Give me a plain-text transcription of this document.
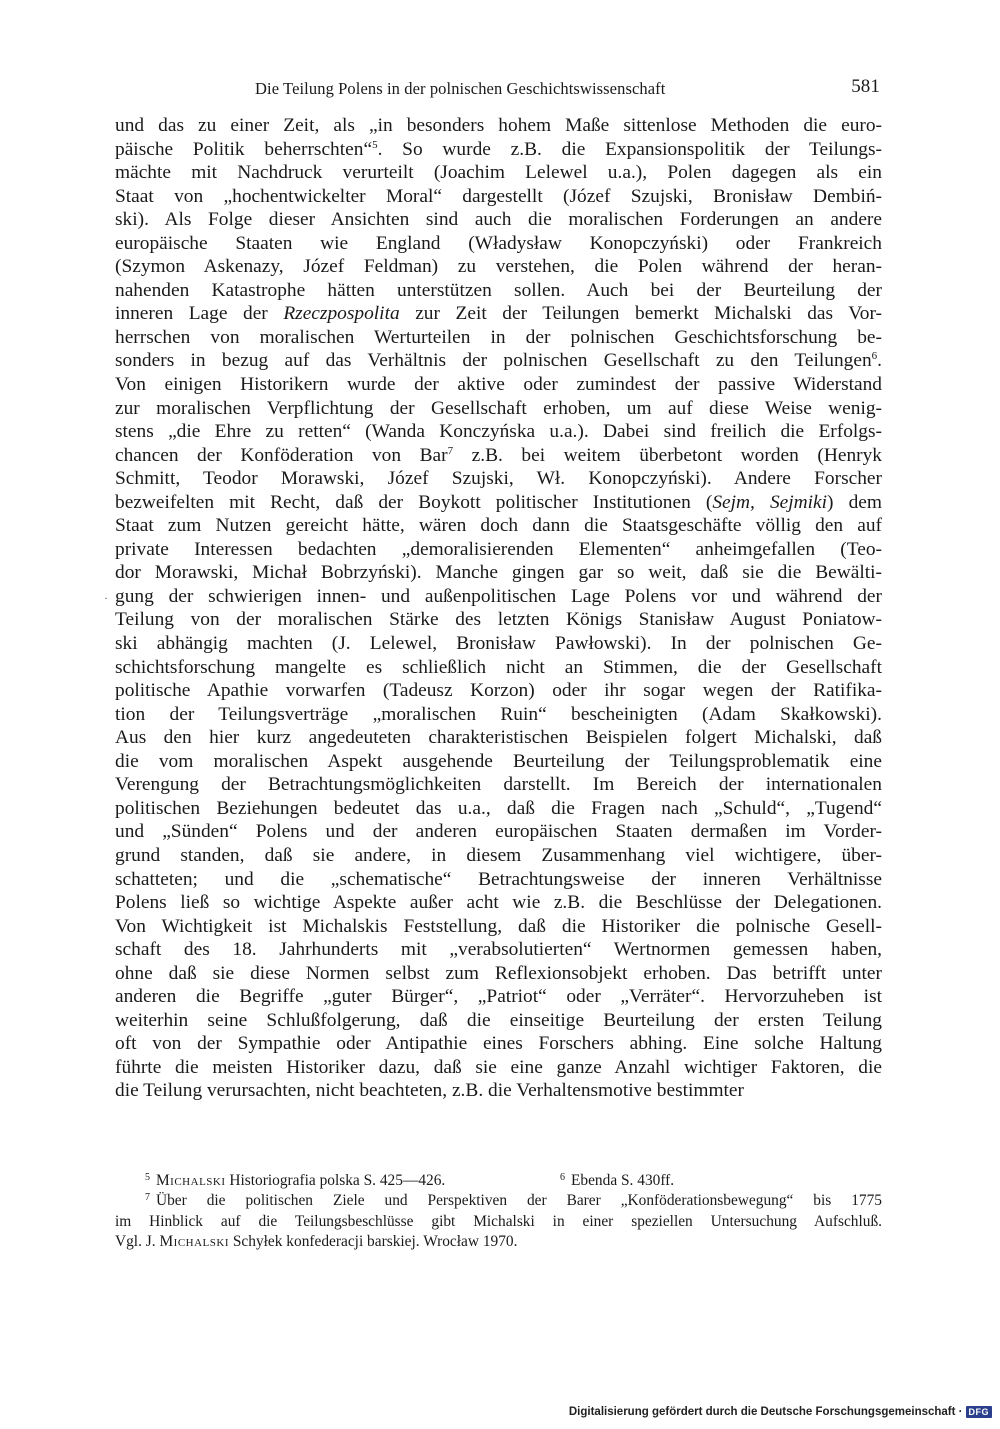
Die Teilung Polens in der polnischen Geschichtswissenschaft	581
·
und das zu einer Zeit, als „in besonders hohem Maße sittenlose Methoden die euro-
päische Politik beherrschten“$^5$. So wurde z.B. die Expansionspolitik der Teilungs-
mächte mit Nachdruck verurteilt (Joachim Lelewel u.a.), Polen dagegen als ein
Staat von „hochentwickelter Moral“ dargestellt (Józef Szujski, Bronisław Dembiń-
ski). Als Folge dieser Ansichten sind auch die moralischen Forderungen an andere
europäische Staaten wie England (Władysław Konopczyński) oder Frankreich
(Szymon Askenazy, Józef Feldman) zu verstehen, die Polen während der heran-
nahenden Katastrophe hätten unterstützen sollen. Auch bei der Beurteilung der
inneren Lage der Rzeczpospolita zur Zeit der Teilungen bemerkt Michalski das Vor-
herrschen von moralischen Werturteilen in der polnischen Geschichtsforschung be-
sonders in bezug auf das Verhältnis der polnischen Gesellschaft zu den Teilungen$^6$.
Von einigen Historikern wurde der aktive oder zumindest der passive Widerstand
zur moralischen Verpflichtung der Gesellschaft erhoben, um auf diese Weise wenig-
stens „die Ehre zu retten“ (Wanda Konczyńska u.a.). Dabei sind freilich die Erfolgs-
chancen der Konföderation von Bar$^7$ z.B. bei weitem überbetont worden (Henryk
Schmitt, Teodor Morawski, Józef Szujski, Wł. Konopczyński). Andere Forscher
bezweifelten mit Recht, daß der Boykott politischer Institutionen (Sejm, Sejmiki) dem
Staat zum Nutzen gereicht hätte, wären doch dann die Staatsgeschäfte völlig den auf
private Interessen bedachten „demoralisierenden Elementen“ anheimgefallen (Teo-
dor Morawski, Michał Bobrzyński). Manche gingen gar so weit, daß sie die Bewälti-
gung der schwierigen innen- und außenpolitischen Lage Polens vor und während der
Teilung von der moralischen Stärke des letzten Königs Stanisław August Poniatow-
ski abhängig machten (J. Lelewel, Bronisław Pawłowski). In der polnischen Ge-
schichtsforschung mangelte es schließlich nicht an Stimmen, die der Gesellschaft
politische Apathie vorwarfen (Tadeusz Korzon) oder ihr sogar wegen der Ratifika-
tion der Teilungsverträge „moralischen Ruin“ bescheinigten (Adam Skałkowski).
Aus den hier kurz angedeuteten charakteristischen Beispielen folgert Michalski, daß
die vom moralischen Aspekt ausgehende Beurteilung der Teilungsproblematik eine
Verengung der Betrachtungsmöglichkeiten darstellt. Im Bereich der internationalen
politischen Beziehungen bedeutet das u.a., daß die Fragen nach „Schuld“, „Tugend“
und „Sünden“ Polens und der anderen europäischen Staaten dermaßen im Vorder-
grund standen, daß sie andere, in diesem Zusammenhang viel wichtigere, über-
schatteten; und die „schematische“ Betrachtungsweise der inneren Verhältnisse
Polens ließ so wichtige Aspekte außer acht wie z.B. die Beschlüsse der Delegationen.
Von Wichtigkeit ist Michalskis Feststellung, daß die Historiker die polnische Gesell-
schaft des 18. Jahrhunderts mit „verabsolutierten“ Wertnormen gemessen haben,
ohne daß sie diese Normen selbst zum Reflexionsobjekt erhoben. Das betrifft unter
anderen die Begriffe „guter Bürger“, „Patriot“ oder „Verräter“. Hervorzuheben ist
weiterhin seine Schlußfolgerung, daß die einseitige Beurteilung der ersten Teilung
oft von der Sympathie oder Antipathie eines Forschers abhing. Eine solche Haltung
führte die meisten Historiker dazu, daß sie eine ganze Anzahl wichtiger Faktoren, die
die Teilung verursachten, nicht beachteten, z.B. die Verhaltensmotive bestimmter
$^5$ Michalski Historiografia polska S. 425—426.	$^6$ Ebenda S. 430ff.
$^7$ Über die politischen Ziele und Perspektiven der Barer „Konföderationsbewegung“ bis 1775
im Hinblick auf die Teilungsbeschlüsse gibt Michalski in einer speziellen Untersuchung Aufschluß.
Vgl. J. Michalski Schyłek konfederacji barskiej. Wrocław 1970.
Digitalisierung gefördert durch die Deutsche Forschungsgemeinschaft · DFG
